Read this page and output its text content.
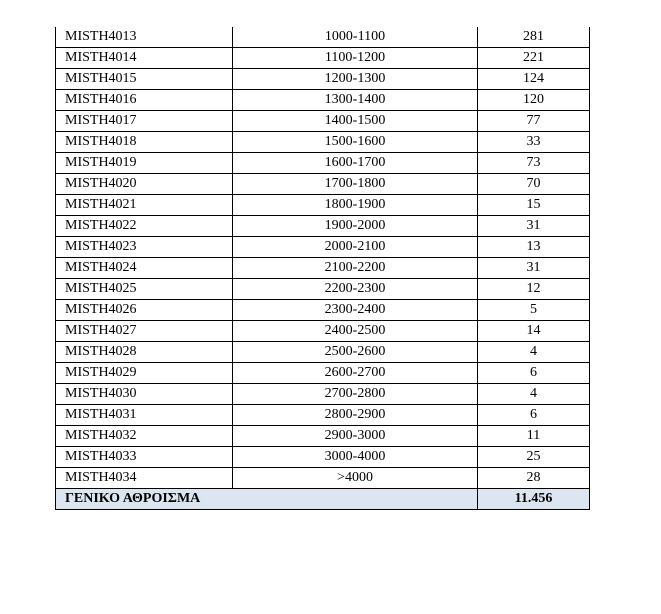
MISTH4013	1000-1100	281
MISTH4014	1100-1200	221
MISTH4015	1200-1300	124
MISTH4016	1300-1400	120
MISTH4017	1400-1500	77
MISTH4018	1500-1600	33
MISTH4019	1600-1700	73
MISTH4020	1700-1800	70
MISTH4021	1800-1900	15
MISTH4022	1900-2000	31
MISTH4023	2000-2100	13
MISTH4024	2100-2200	31
MISTH4025	2200-2300	12
MISTH4026	2300-2400	5
MISTH4027	2400-2500	14
MISTH4028	2500-2600	4
MISTH4029	2600-2700	6
MISTH4030	2700-2800	4
MISTH4031	2800-2900	6
MISTH4032	2900-3000	11
MISTH4033	3000-4000	25
MISTH4034	>4000	28
ΓΕΝΙΚΟ ΑΘΡΟΙΣΜΑ		11.456
